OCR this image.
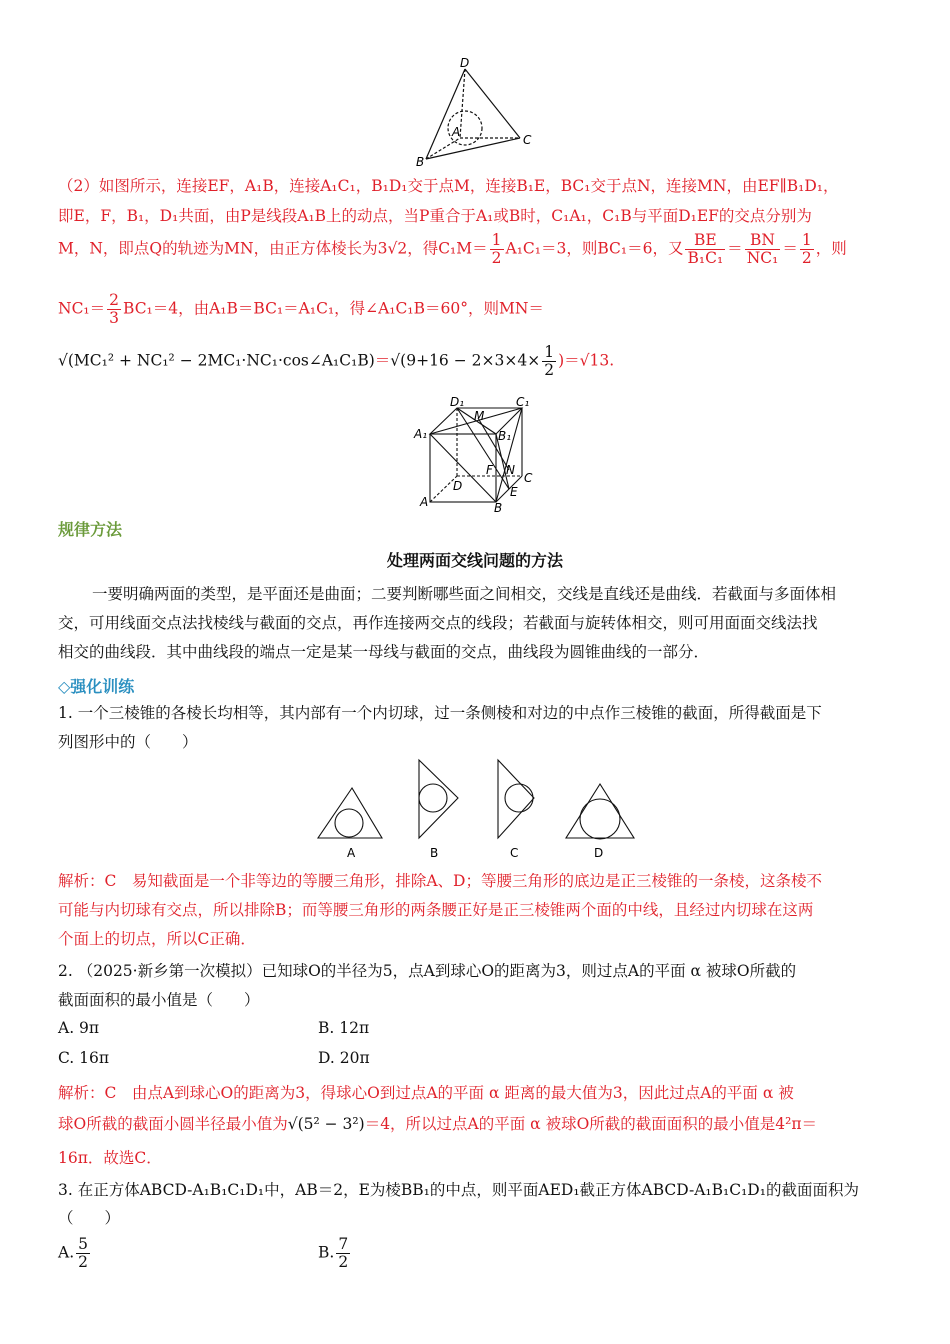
D
A
B
C
（2）如图所示，连接EF，A₁B，连接A₁C₁，B₁D₁交于点M，连接B₁E，BC₁交于点N，连接MN，由EF∥B₁D₁，
即E，F，B₁，D₁共面，由P是线段A₁B上的动点，当P重合于A₁或B时，C₁A₁，C₁B与平面D₁EF的交点分别为
M，N，即点Q的轨迹为MN，由正方体棱长为3√2，得$C_1M= \frac{1}{2} A_1C_1=3$，则BC₁＝6，又 $\frac{BE}{\text{B₁C₁}} = \frac{BN}{\text{NC₁}} = \frac{1}{2}$ ，则
$NC_1= \frac{2}{3} BC_1=4$，由A₁B＝BC₁＝A₁C₁，得∠A₁C₁B＝60°，则MN＝
√(MC₁² + NC₁² − 2MC₁·NC₁·cos∠A₁C₁B)＝√(9+16 − $2\times 3\times 4\times \frac{1}{2} )=√13$.
D₁
M
C₁
A₁	B₁
F N
C
D	E
A	B
规律方法
处理两面交线问题的方法
一要明确两面的类型，是平面还是曲面；二要判断哪些面之间相交，交线是直线还是曲线．若截面与多面体相
交，可用线面交点法找棱线与截面的交点，再作连接两交点的线段；若截面与旋转体相交，则可用面面交线法找
相交的曲线段．其中曲线段的端点一定是某一母线与截面的交点，曲线段为圆锥曲线的一部分．
◇强化训练
1. 一个三棱锥的各棱长均相等，其内部有一个内切球，过一条侧棱和对边的中点作三棱锥的截面，所得截面是下
列图形中的（　　）
A	B	C	D
解析：C　易知截面是一个非等边的等腰三角形，排除A、D；等腰三角形的底边是正三棱锥的一条棱，这条棱不
可能与内切球有交点，所以排除B；而等腰三角形的两条腰正好是正三棱锥两个面的中线，且经过内切球在这两
个面上的切点，所以C正确．
2. （2025·新乡第一次模拟）已知球O的半径为5，点A到球心O的距离为3，则过点A的平面 α 被球O所截的
截面面积的最小值是（　　）
A. 9π	B. 12π
C. 16π	D. 20π
解析：C　由点A到球心O的距离为3，得球心O到过点A的平面 α 距离的最大值为3，因此过点A的平面 α 被
球O所截的截面小圆半径最小值为√(5² − 3²)＝4，所以过点A的平面 α 被球O所截的截面面积的最小值是4²π＝
16π．故选C．
3. 在正方体ABCD-A₁B₁C₁D₁中，AB＝2，E为棱BB₁的中点，则平面AED₁截正方体ABCD-A₁B₁C₁D₁的截面面积为
（　　）
A. $\frac{5}{2}$	B. $\frac{7}{2}$
